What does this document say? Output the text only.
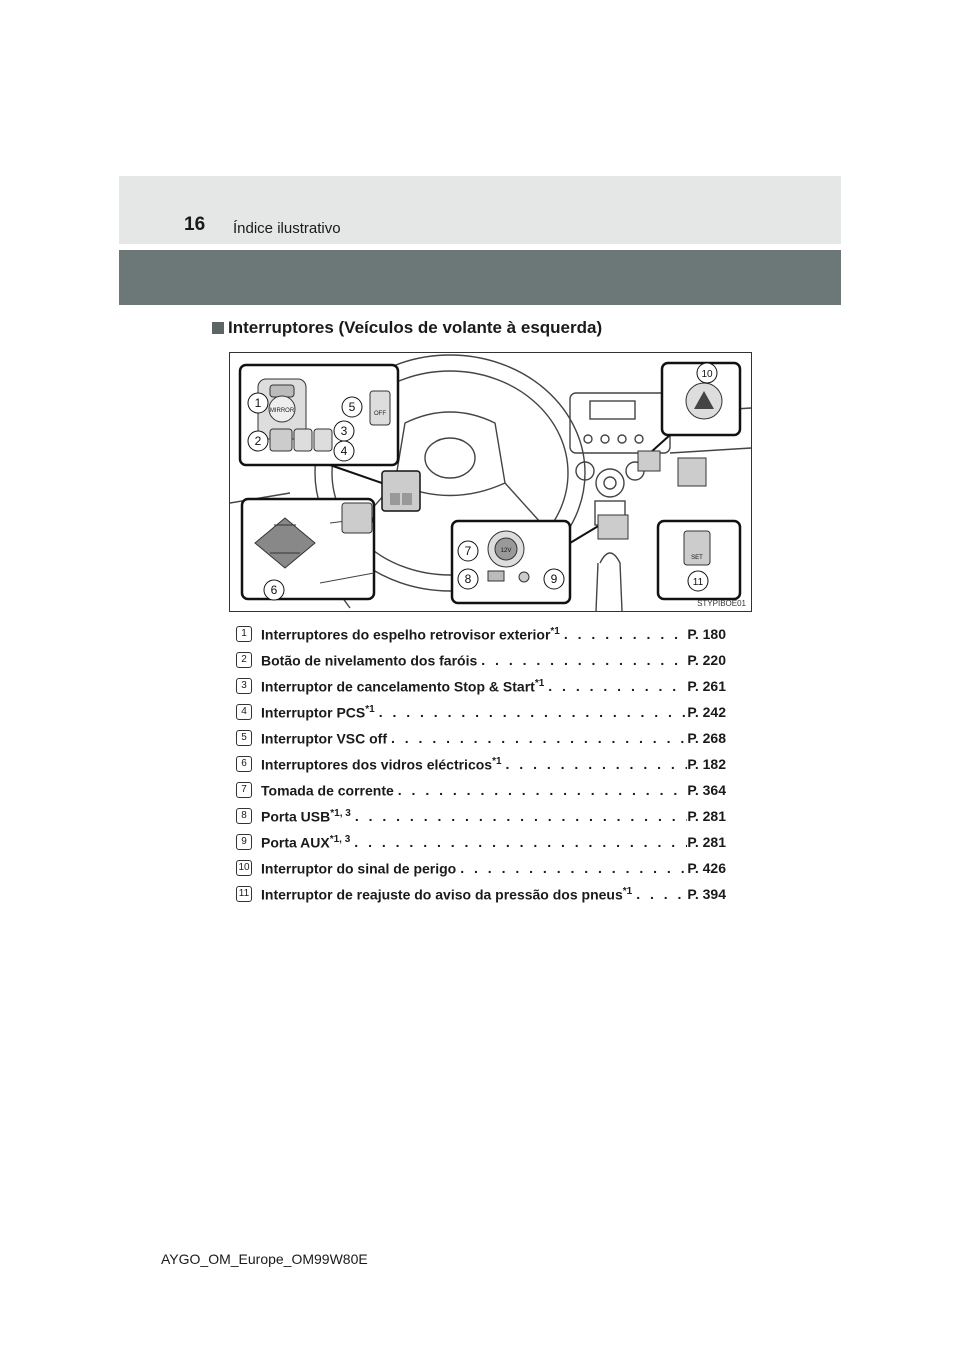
16 Índice ilustrativo
Interruptores (Veículos de volante à esquerda)
MIRROR	OFF
12V
SET
1
2
3
4
5
6
7
8	9
10
11
STYPIBOE01
1	Interruptores do espelho retrovisor exterior$^{*1}$ . . .	P. 180
2	Botão de nivelamento dos faróis . . .	P. 220
3	Interruptor de cancelamento Stop & Start$^{*1}$ . . .	P. 261
4	Interruptor PCS$^{*1}$ . . .	P. 242
5	Interruptor VSC off . . .	P. 268
6	Interruptores dos vidros eléctricos$^{*1}$ . . .	P. 182
7	Tomada de corrente . . .	P. 364
8	Porta USB$^{*1, 3}$ . . .	P. 281
9	Porta AUX$^{*1, 3}$ . . .	P. 281
10 Interruptor do sinal de perigo . . .	P. 426
11 Interruptor de reajuste do aviso da pressão dos pneus$^{*1}$ . . .	P. 394
AYGO_OM_Europe_OM99W80E
